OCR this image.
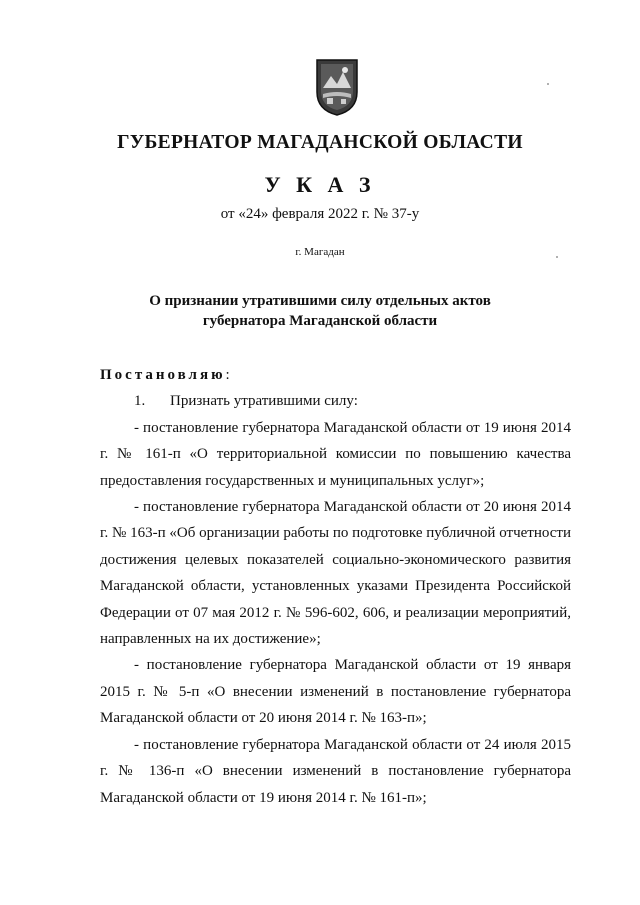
ГУБЕРНАТОР МАГАДАНСКОЙ ОБЛАСТИ
У К А З
от «24» февраля 2022 г. № 37-у
г. Магадан
О признании утратившими силу отдельных актов
губернатора Магаданской области
Постановляю:
1. Признать утратившими силу:
- постановление губернатора Магаданской области от 19 июня 2014 г. № 161-п «О территориальной комиссии по повышению качества предоставления государственных и муниципальных услуг»;
- постановление губернатора Магаданской области от 20 июня 2014 г. № 163-п «Об организации работы по подготовке публичной отчетности достижения целевых показателей социально-экономического развития Магаданской области, установленных указами Президента Российской Федерации от 07 мая 2012 г. № 596-602, 606, и реализации мероприятий, направленных на их достижение»;
- постановление губернатора Магаданской области от 19 января 2015 г. № 5-п «О внесении изменений в постановление губернатора Магаданской области от 20 июня 2014 г. № 163-п»;
- постановление губернатора Магаданской области от 24 июля 2015 г. № 136-п «О внесении изменений в постановление губернатора Магаданской области от 19 июня 2014 г. № 161-п»;
